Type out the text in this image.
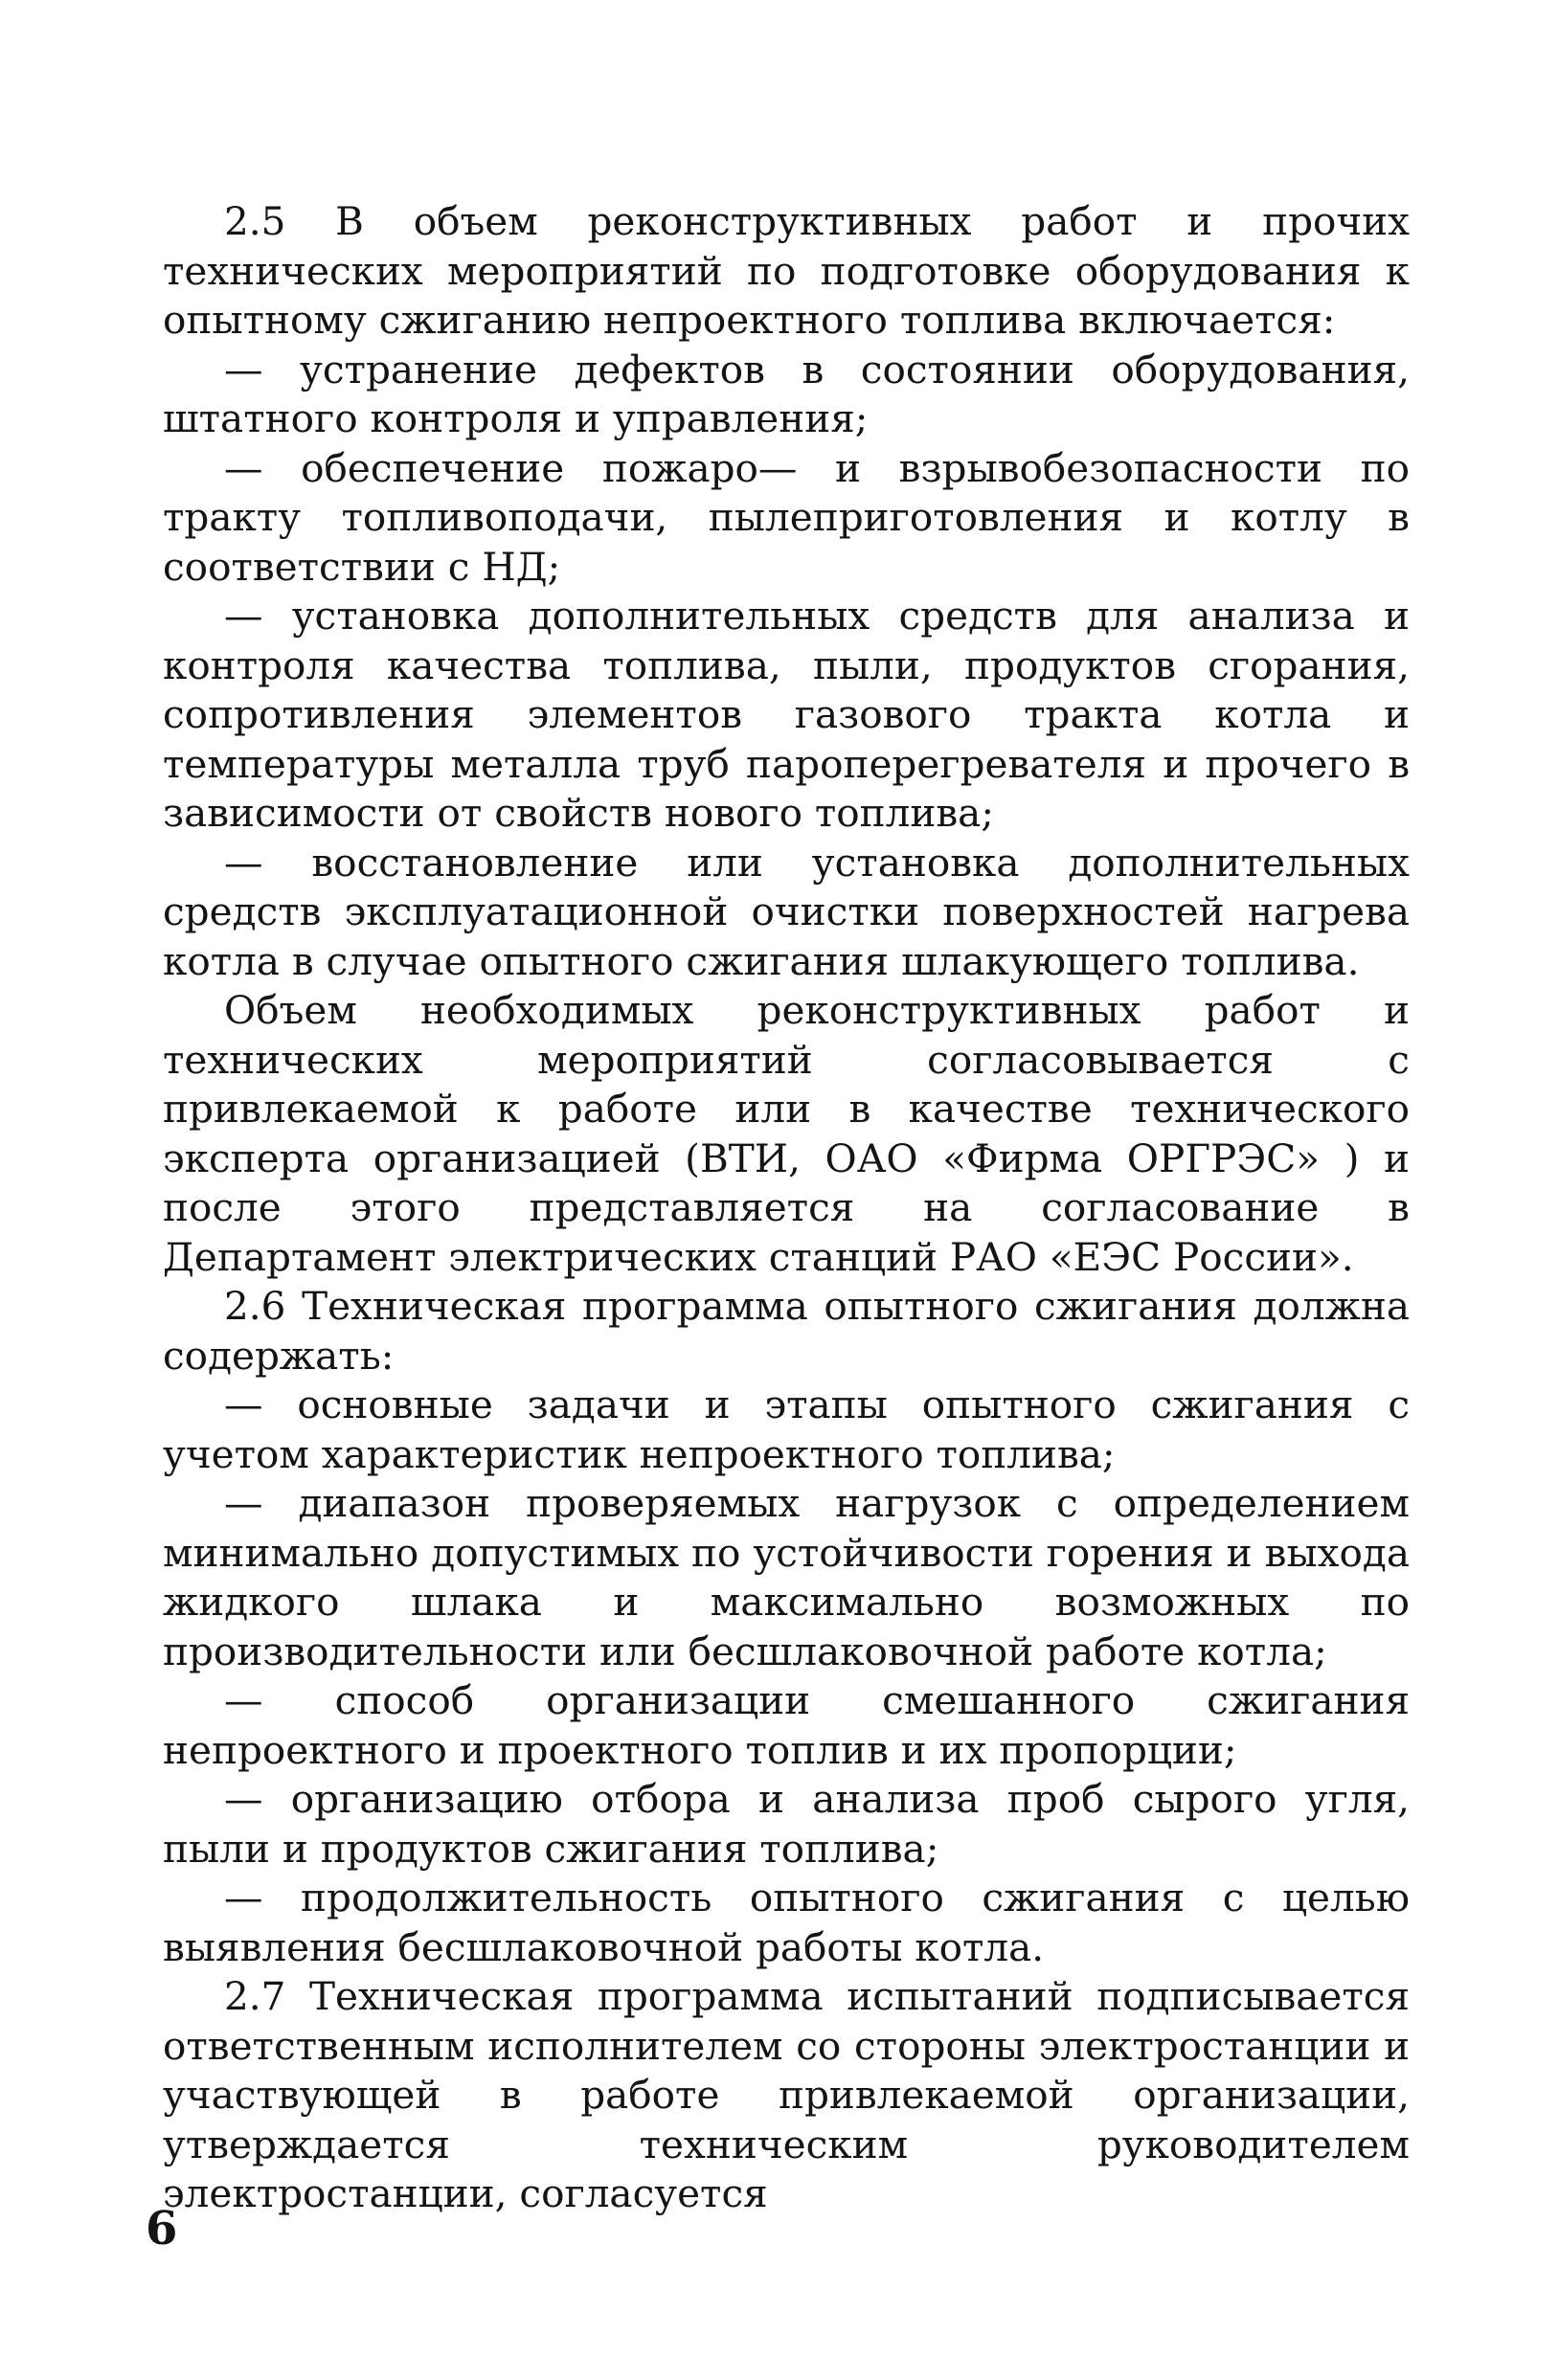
2.5 В объем реконструктивных работ и прочих технических мероприятий по подготовке оборудования к опытному сжиганию непроектного топлива включается:

— устранение дефектов в состоянии оборудования, штатного контроля и управления;

— обеспечение пожаро— и взрывобезопасности по тракту топливоподачи, пылеприготовления и котлу в соответствии с НД;

— установка дополнительных средств для анализа и контроля качества топлива, пыли, продуктов сгорания, сопротивления элементов газового тракта котла и температуры металла труб пароперегревателя и прочего в зависимости от свойств нового топлива;

— восстановление или установка дополнительных средств эксплуатационной очистки поверхностей нагрева котла в случае опытного сжигания шлакующего топлива.

Объем необходимых реконструктивных работ и технических мероприятий согласовывается с привлекаемой к работе или в качестве технического эксперта организацией (ВТИ, ОАО «Фирма ОРГРЭС» ) и после этого представляется на согласование в Департамент электрических станций РАО «ЕЭС России».

2.6 Техническая программа опытного сжигания должна содержать:

— основные задачи и этапы опытного сжигания с учетом характеристик непроектного топлива;

— диапазон проверяемых нагрузок с определением минимально допустимых по устойчивости горения и выхода жидкого шлака и максимально возможных по производительности или бесшлаковочной работе котла;

— способ организации смешанного сжигания непроектного и проектного топлив и их пропорции;

— организацию отбора и анализа проб сырого угля, пыли и продуктов сжигания топлива;

— продолжительность опытного сжигания с целью выявления бесшлаковочной работы котла.

2.7 Техническая программа испытаний подписывается ответственным исполнителем со стороны электростанции и участвующей в работе привлекаемой организации, утверждается техническим руководителем электростанции, согласуется

6
